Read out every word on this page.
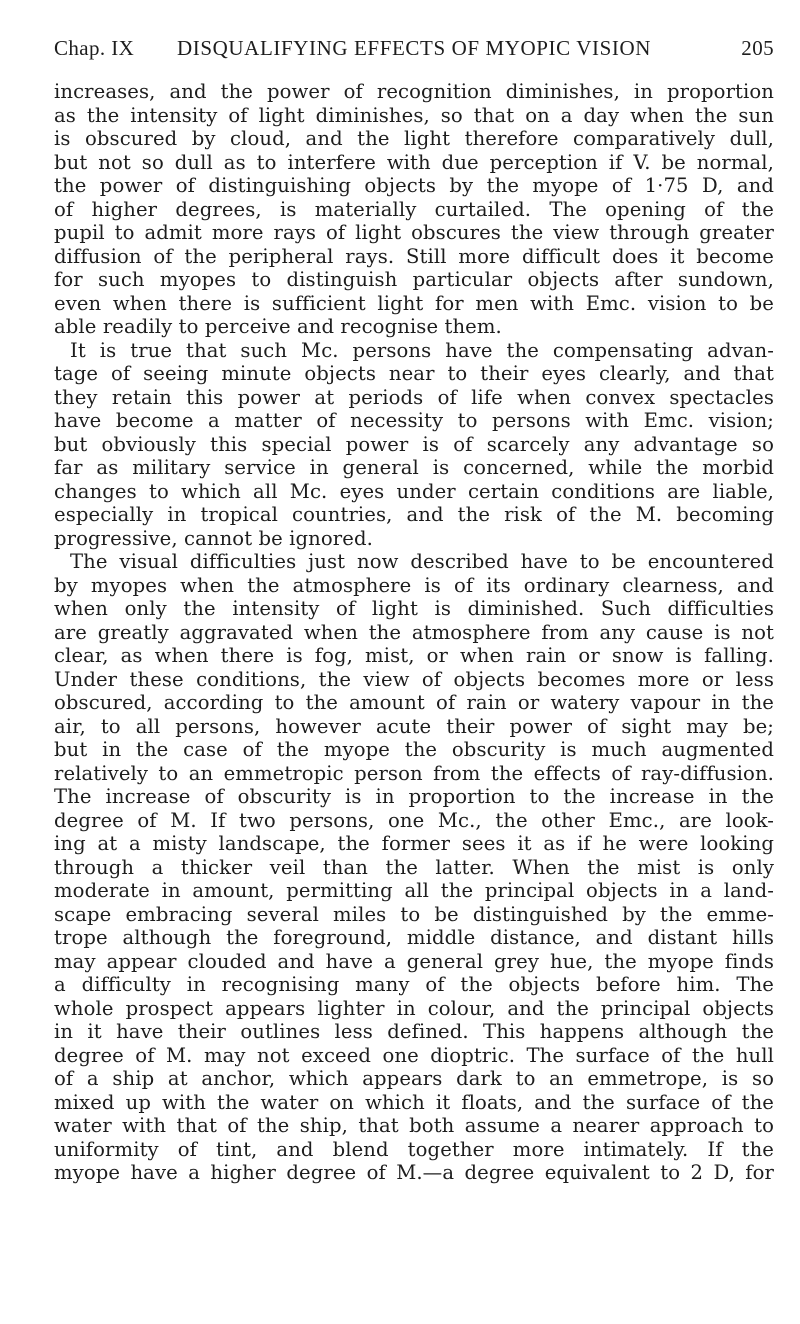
Chap. IX	DISQUALIFYING EFFECTS OF MYOPIC VISION	205
increases, and the power of recognition diminishes, in proportion
as the intensity of light diminishes, so that on a day when the sun
is obscured by cloud, and the light therefore comparatively dull,
but not so dull as to interfere with due perception if V. be normal,
the power of distinguishing objects by the myope of 1·75 D, and
of higher degrees, is materially curtailed. The opening of the
pupil to admit more rays of light obscures the view through greater
diffusion of the peripheral rays. Still more difficult does it become
for such myopes to distinguish particular objects after sundown,
even when there is sufficient light for men with Emc. vision to be
able readily to perceive and recognise them.
It is true that such Mc. persons have the compensating advan-
tage of seeing minute objects near to their eyes clearly, and that
they retain this power at periods of life when convex spectacles
have become a matter of necessity to persons with Emc. vision;
but obviously this special power is of scarcely any advantage so
far as military service in general is concerned, while the morbid
changes to which all Mc. eyes under certain conditions are liable,
especially in tropical countries, and the risk of the M. becoming
progressive, cannot be ignored.
The visual difficulties just now described have to be encountered
by myopes when the atmosphere is of its ordinary clearness, and
when only the intensity of light is diminished. Such difficulties
are greatly aggravated when the atmosphere from any cause is not
clear, as when there is fog, mist, or when rain or snow is falling.
Under these conditions, the view of objects becomes more or less
obscured, according to the amount of rain or watery vapour in the
air, to all persons, however acute their power of sight may be;
but in the case of the myope the obscurity is much augmented
relatively to an emmetropic person from the effects of ray-diffusion.
The increase of obscurity is in proportion to the increase in the
degree of M. If two persons, one Mc., the other Emc., are look-
ing at a misty landscape, the former sees it as if he were looking
through a thicker veil than the latter. When the mist is only
moderate in amount, permitting all the principal objects in a land-
scape embracing several miles to be distinguished by the emme-
trope although the foreground, middle distance, and distant hills
may appear clouded and have a general grey hue, the myope finds
a difficulty in recognising many of the objects before him. The
whole prospect appears lighter in colour, and the principal objects
in it have their outlines less defined. This happens although the
degree of M. may not exceed one dioptric. The surface of the hull
of a ship at anchor, which appears dark to an emmetrope, is so
mixed up with the water on which it floats, and the surface of the
water with that of the ship, that both assume a nearer approach to
uniformity of tint, and blend together more intimately. If the
myope have a higher degree of M.—a degree equivalent to 2 D, for
